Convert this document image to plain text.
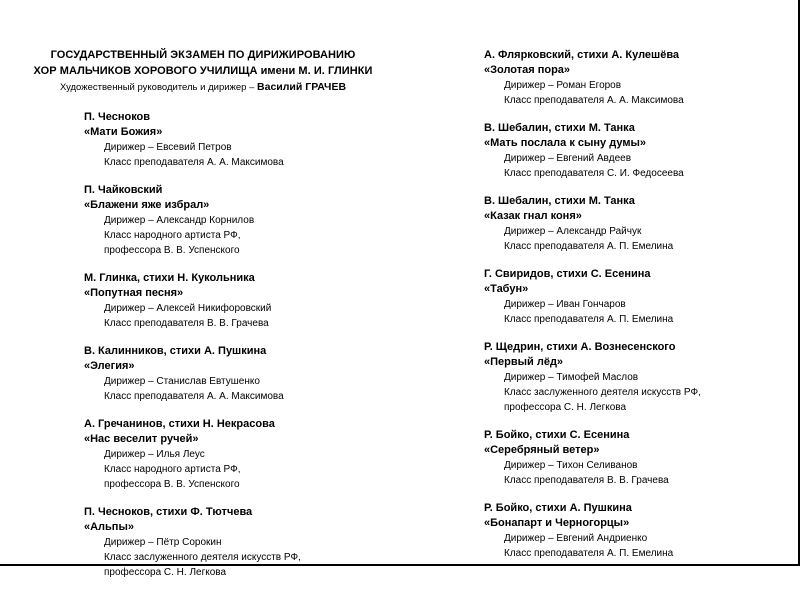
ГОСУДАРСТВЕННЫЙ ЭКЗАМЕН ПО ДИРИЖИРОВАНИЮ
ХОР МАЛЬЧИКОВ ХОРОВОГО УЧИЛИЩА имени М. И. ГЛИНКИ
Художественный руководитель и дирижер – Василий ГРАЧЕВ
П. Чесноков
«Мати Божия»
Дирижер – Евсевий Петров
Класс преподавателя А. А. Максимова
П. Чайковский
«Блажени яже избрал»
Дирижер – Александр Корнилов
Класс народного артиста РФ,
профессора В. В. Успенского
М. Глинка, стихи Н. Кукольника
«Попутная песня»
Дирижер – Алексей Никифоровский
Класс преподавателя В. В. Грачева
В. Калинников, стихи А. Пушкина
«Элегия»
Дирижер – Станислав Евтушенко
Класс преподавателя А. А. Максимова
А. Гречанинов, стихи Н. Некрасова
«Нас веселит ручей»
Дирижер – Илья Леус
Класс народного артиста РФ,
профессора В. В. Успенского
П. Чесноков, стихи Ф. Тютчева
«Альпы»
Дирижер – Пётр Сорокин
Класс заслуженного деятеля искусств РФ,
профессора С. Н. Легкова
А. Флярковский, стихи А. Кулешёва
«Золотая пора»
Дирижер – Роман Егоров
Класс преподавателя А. А. Максимова
В. Шебалин, стихи М. Танка
«Мать послала к сыну думы»
Дирижер – Евгений Авдеев
Класс преподавателя С. И. Федосеева
В. Шебалин, стихи М. Танка
«Казак гнал коня»
Дирижер – Александр Райчук
Класс преподавателя А. П. Емелина
Г. Свиридов, стихи С. Есенина
«Табун»
Дирижер – Иван Гончаров
Класс преподавателя А. П. Емелина
Р. Щедрин, стихи А. Вознесенского
«Первый лёд»
Дирижер – Тимофей Маслов
Класс заслуженного деятеля искусств РФ,
профессора С. Н. Легкова
Р. Бойко, стихи С. Есенина
«Серебряный ветер»
Дирижер – Тихон Селиванов
Класс преподавателя В. В. Грачева
Р. Бойко, стихи А. Пушкина
«Бонапарт и Черногорцы»
Дирижер – Евгений Андриенко
Класс преподавателя А. П. Емелина
